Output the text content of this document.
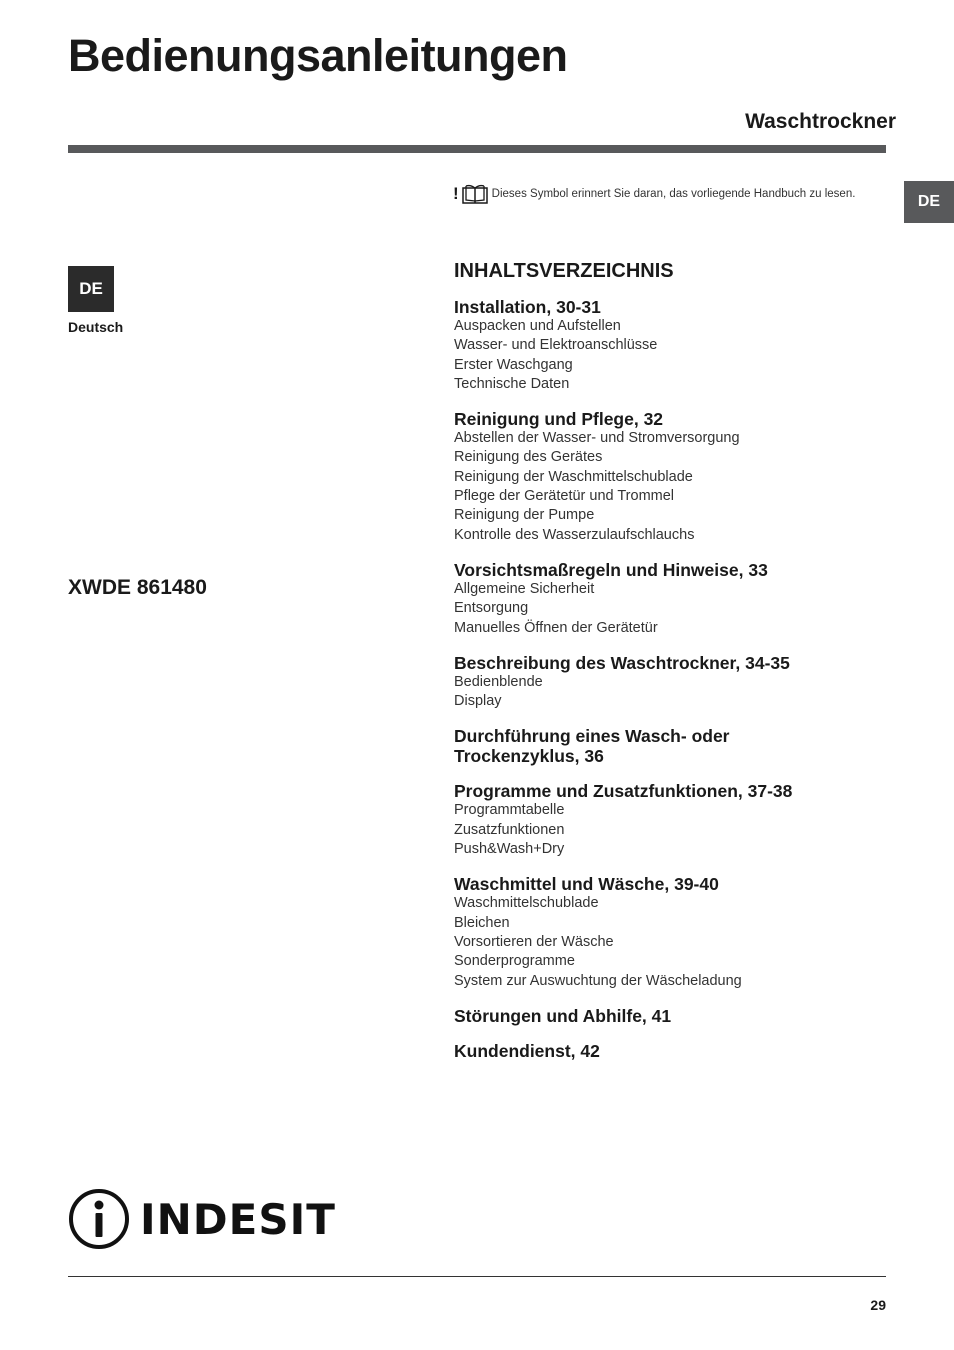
Bedienungsanleitungen
Waschtrockner
DE
!	Dieses Symbol erinnert Sie daran, das vorliegende Handbuch zu lesen.
DE
Deutsch
XWDE 861480
INHALTSVERZEICHNIS
Installation, 30-31
Auspacken und Aufstellen
Wasser- und Elektroanschlüsse
Erster Waschgang
Technische Daten
Reinigung und Pflege, 32
Abstellen der Wasser- und Stromversorgung
Reinigung des Gerätes
Reinigung der Waschmittelschublade
Pflege der Gerätetür und Trommel
Reinigung der Pumpe
Kontrolle des Wasserzulaufschlauchs
Vorsichtsmaßregeln und Hinweise, 33
Allgemeine Sicherheit
Entsorgung
Manuelles Öffnen der Gerätetür
Beschreibung des Waschtrockner, 34-35
Bedienblende
Display
Durchführung eines Wasch- oder Trockenzyklus, 36
Programme und Zusatzfunktionen, 37-38
Programmtabelle
Zusatzfunktionen
Push&Wash+Dry
Waschmittel und Wäsche, 39-40
Waschmittelschublade
Bleichen
Vorsortieren der Wäsche
Sonderprogramme
System zur Auswuchtung der Wäscheladung
Störungen und Abhilfe, 41
Kundendienst, 42
INDESIT
29
